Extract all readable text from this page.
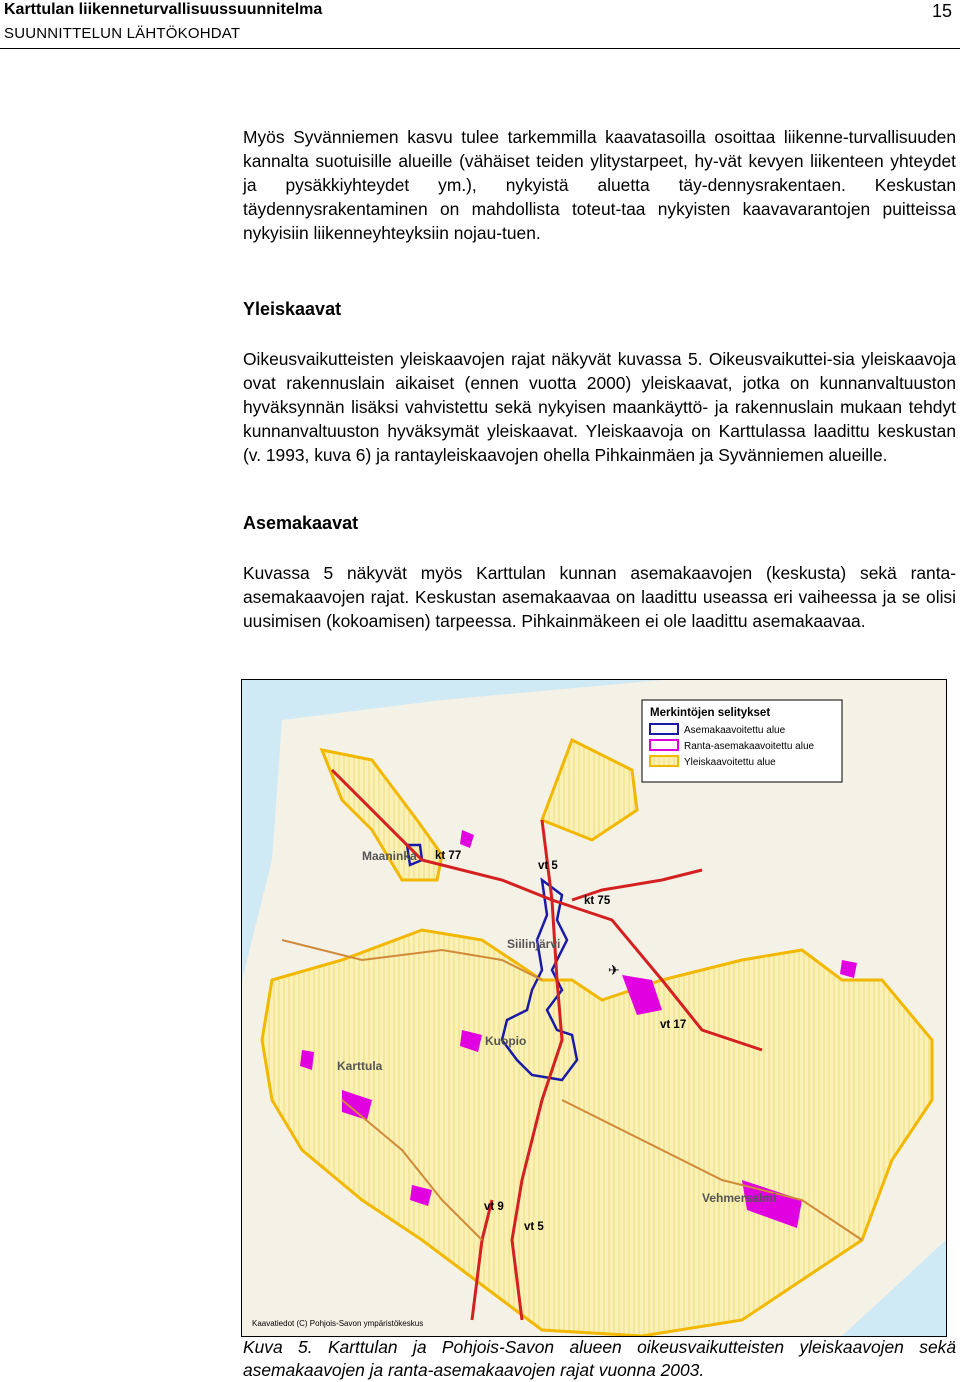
Karttulan liikenneturvallisuussuunnitelma
SUUNNITTELUN LÄHTÖKOHDAT
15

Myös Syvänniemen kasvu tulee tarkemmilla kaavatasoilla osoittaa liikenne-turvallisuuden kannalta suotuisille alueille (vähäiset teiden ylitystarpeet, hy-vät kevyen liikenteen yhteydet ja pysäkkiyhteydet ym.), nykyistä aluetta täy-dennysrakentaen. Keskustan täydennysrakentaminen on mahdollista toteut-taa nykyisten kaavavarantojen puitteissa nykyisiin liikenneyhteyksiin nojau-tuen.

Yleiskaavat

Oikeusvaikutteisten yleiskaavojen rajat näkyvät kuvassa 5. Oikeusvaikuttei-sia yleiskaavoja ovat rakennuslain aikaiset (ennen vuotta 2000) yleiskaavat, jotka on kunnanvaltuuston hyväksynnän lisäksi vahvistettu sekä nykyisen maankäyttö- ja rakennuslain mukaan tehdyt kunnanvaltuuston hyväksymät yleiskaavat. Yleiskaavoja on Karttulassa laadittu keskustan (v. 1993, kuva 6) ja rantayleiskaavojen ohella Pihkainmäen ja Syvänniemen alueille.

Asemakaavat

Kuvassa 5 näkyvät myös Karttulan kunnan asemakaavojen (keskusta) sekä ranta-asemakaavojen rajat. Keskustan asemakaavaa on laadittu useassa eri vaiheessa ja se olisi uusimisen (kokoamisen) tarpeessa. Pihkainmäkeen ei ole laadittu asemakaavaa.

Merkintöjen selitykset
Asemakaavoitettu alue
Ranta-asemakaavoitettu alue
Yleiskaavoitettu alue
Maaninka
Siilinjärvi
Kuopio
Karttula
Vehmersalmi
kt 77
vt 5
kt 75
vt 17
vt 9
vt 5
✈
Kaavatiedot (C) Pohjois-Savon ympäristökeskus

Kuva 5. Karttulan ja Pohjois-Savon alueen oikeusvaikutteisten yleiskaavojen sekä asemakaavojen ja ranta-asemakaavojen rajat vuonna 2003.
